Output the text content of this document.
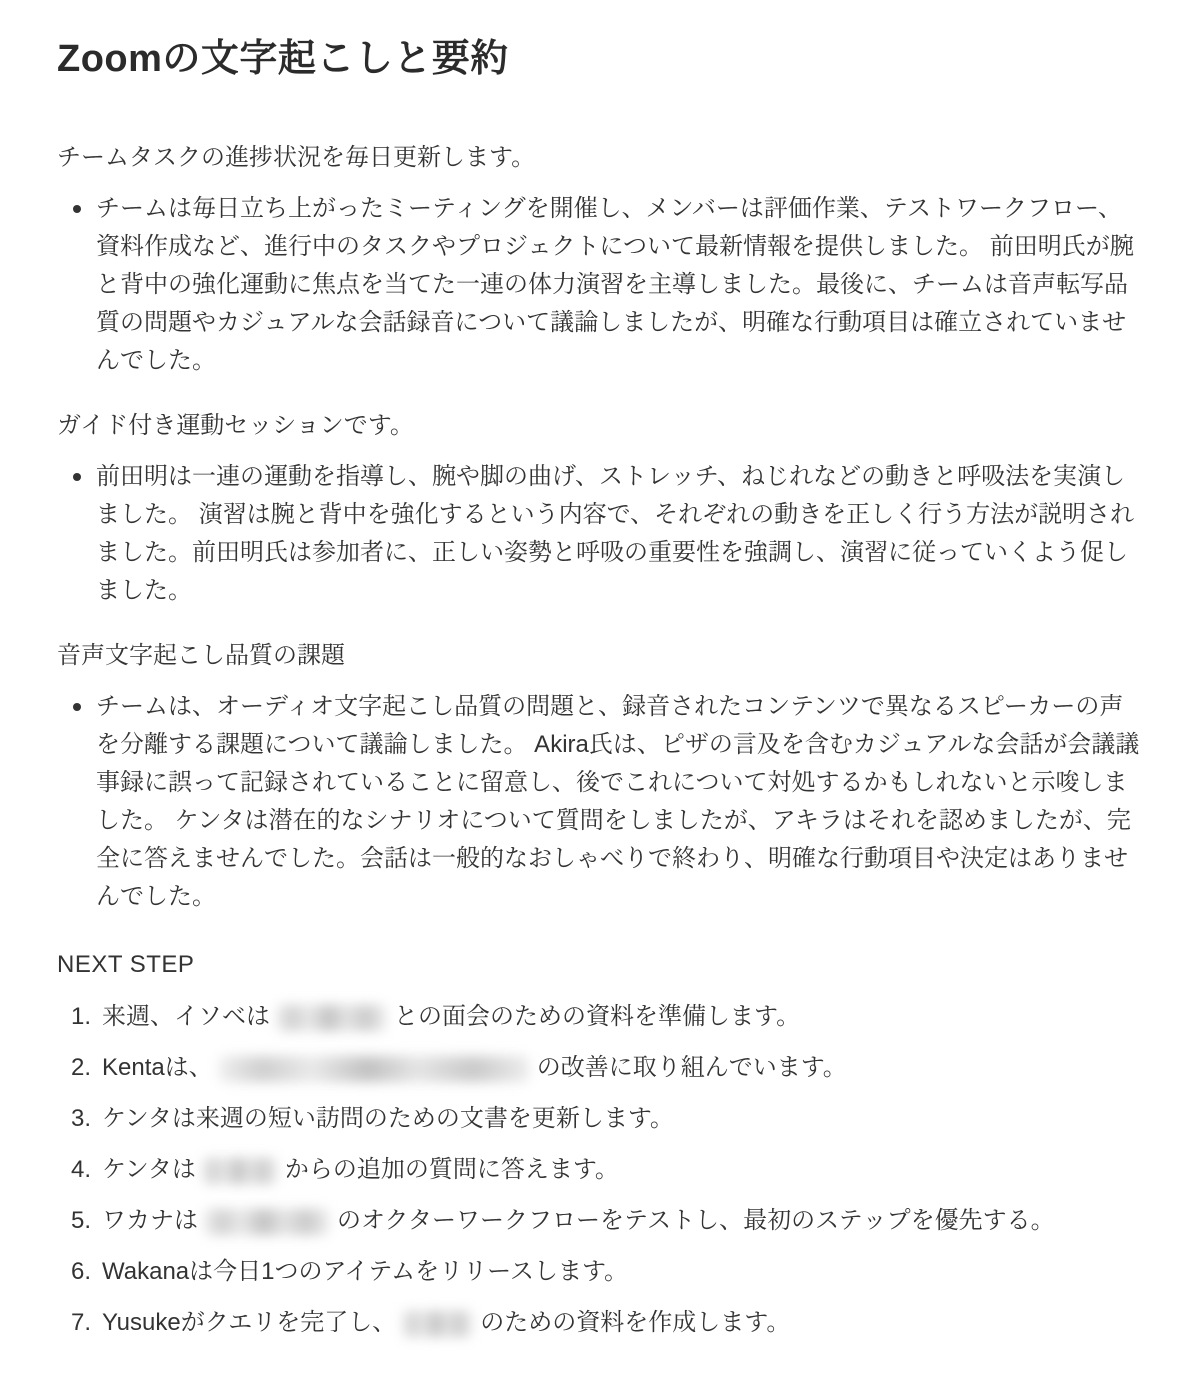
Zoomの文字起こしと要約

チームタスクの進捗状況を毎日更新します。

チームは毎日立ち上がったミーティングを開催し、メンバーは評価作業、テストワークフロー、資料作成など、進行中のタスクやプロジェクトについて最新情報を提供しました。 前田明氏が腕と背中の強化運動に焦点を当てた一連の体力演習を主導しました。最後に、チームは音声転写品質の問題やカジュアルな会話録音について議論しましたが、明確な行動項目は確立されていませんでした。

ガイド付き運動セッションです。

前田明は一連の運動を指導し、腕や脚の曲げ、ストレッチ、ねじれなどの動きと呼吸法を実演しました。 演習は腕と背中を強化するという内容で、それぞれの動きを正しく行う方法が説明されました。前田明氏は参加者に、正しい姿勢と呼吸の重要性を強調し、演習に従っていくよう促しました。

音声文字起こし品質の課題

チームは、オーディオ文字起こし品質の問題と、録音されたコンテンツで異なるスピーカーの声を分離する課題について議論しました。 Akira氏は、ピザの言及を含むカジュアルな会話が会議議事録に誤って記録されていることに留意し、後でこれについて対処するかもしれないと示唆しました。 ケンタは潜在的なシナリオについて質問をしましたが、アキラはそれを認めましたが、完全に答えませんでした。会話は一般的なおしゃべりで終わり、明確な行動項目や決定はありませんでした。

NEXT STEP

1. 来週、イソベは	との面会のための資料を準備します。
2. Kentaは、	の改善に取り組んでいます。
3. ケンタは来週の短い訪問のための文書を更新します。
4. ケンタは	からの追加の質問に答えます。
5. ワカナは	のオクターワークフローをテストし、最初のステップを優先する。
6. Wakanaは今日1つのアイテムをリリースします。
7. Yusukeがクエリを完了し、	のための資料を作成します。
